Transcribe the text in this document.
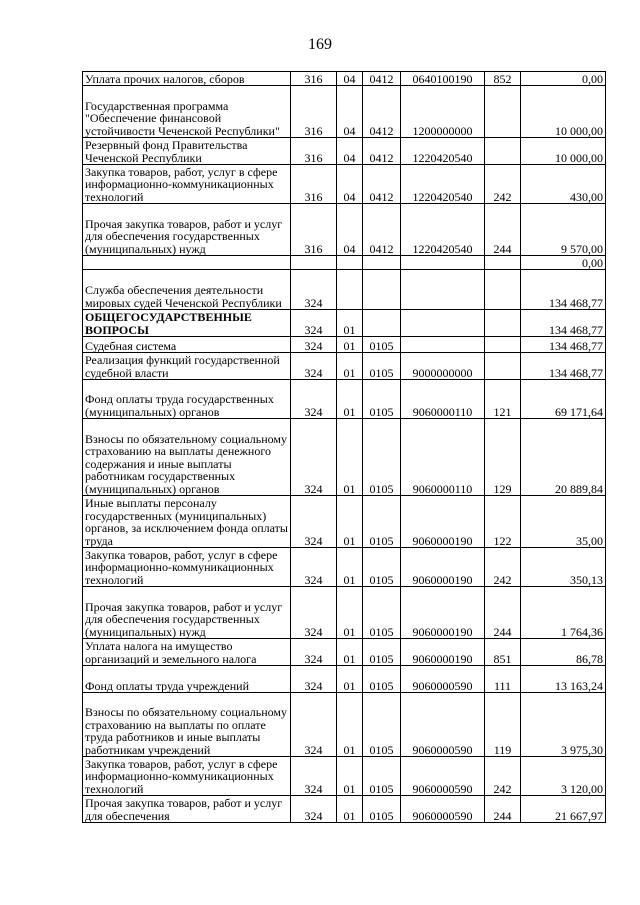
169
Уплата прочих налогов, сборов	316	04	0412	0640100190	852	0,00
Государственная программа "Обеспечение финансовой устойчивости Чеченской Республики"	316	04	0412	1200000000		10 000,00
Резервный фонд Правительства Чеченской Республики	316	04	0412	1220420540		10 000,00
Закупка товаров, работ, услуг в сфере информационно-коммуникационных технологий	316	04	0412	1220420540	242	430,00
Прочая закупка товаров, работ и услуг для обеспечения государственных (муниципальных) нужд	316	04	0412	1220420540	244	9 570,00
						0,00
Служба обеспечения деятельности мировых судей Чеченской Республики	324					134 468,77
ОБЩЕГОСУДАРСТВЕННЫЕ ВОПРОСЫ	324	01				134 468,77
Судебная система	324	01	0105			134 468,77
Реализация функций государственной судебной власти	324	01	0105	9000000000		134 468,77
Фонд оплаты труда государственных (муниципальных) органов	324	01	0105	9060000110	121	69 171,64
Взносы по обязательному социальному страхованию на выплаты денежного содержания и иные выплаты работникам государственных (муниципальных) органов	324	01	0105	9060000110	129	20 889,84
Иные выплаты персоналу государственных (муниципальных) органов, за исключением фонда оплаты труда	324	01	0105	9060000190	122	35,00
Закупка товаров, работ, услуг в сфере информационно-коммуникационных технологий	324	01	0105	9060000190	242	350,13
Прочая закупка товаров, работ и услуг для обеспечения государственных (муниципальных) нужд	324	01	0105	9060000190	244	1 764,36
Уплата налога на имущество организаций и земельного налога	324	01	0105	9060000190	851	86,78
Фонд оплаты труда учреждений	324	01	0105	9060000590	111	13 163,24
Взносы по обязательному социальному страхованию на выплаты по оплате труда работников и иные выплаты работникам учреждений	324	01	0105	9060000590	119	3 975,30
Закупка товаров, работ, услуг в сфере информационно-коммуникационных технологий	324	01	0105	9060000590	242	3 120,00
Прочая закупка товаров, работ и услуг для обеспечения	324	01	0105	9060000590	244	21 667,97
